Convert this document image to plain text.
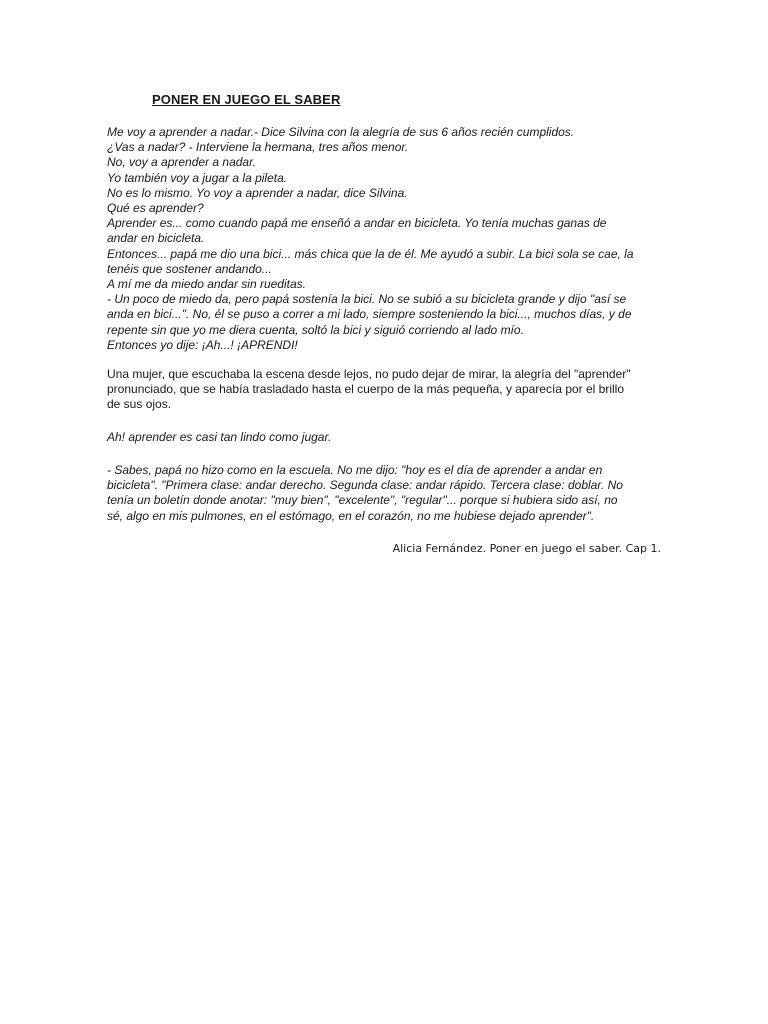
PONER EN JUEGO EL SABER
Me voy a aprender a nadar.- Dice Silvina con la alegría de sus 6 años recién cumplidos.
¿Vas a nadar? - Interviene la hermana, tres años menor.
No, voy a aprender a nadar.
Yo también voy a jugar a la pileta.
No es lo mismo. Yo voy a aprender a nadar, dice Silvina.
Qué es aprender?
Aprender es... como cuando papá me enseñó a andar en bicicleta. Yo tenía muchas ganas de
andar en bicicleta.
Entonces... papá me dio una bici... más chica que la de él. Me ayudó a subir. La bici sola se cae, la
tenéis que sostener andando...
A mí me da miedo andar sin rueditas.
- Un poco de miedo da, pero papá sostenía la bici. No se subió a su bicicleta grande y dijo "así se
anda en bici...". No, él se puso a correr a mi lado, siempre sosteniendo la bici..., muchos días, y de
repente sin que yo me diera cuenta, soltó la bici y siguió corriendo al lado mío.
Entonces yo dije: ¡Ah...! ¡APRENDI!
Una mujer, que escuchaba la escena desde lejos, no pudo dejar de mirar, la alegría del "aprender"
pronunciado, que se había trasladado hasta el cuerpo de la más pequeña, y aparecía por el brillo
de sus ojos.
Ah! aprender es casi tan lindo como jugar.
- Sabes, papá no hizo como en la escuela. No me dijo: "hoy es el día de aprender a andar en
bicicleta". "Primera clase: andar derecho. Segunda clase: andar rápido. Tercera clase: doblar. No
tenía un boletín donde anotar: "muy bien", "excelente", "regular"... porque si hubiera sido así, no
sé, algo en mis pulmones, en el estómago, en el corazón, no me hubiese dejado aprender".
Alicia Fernández. Poner en juego el saber. Cap 1.
